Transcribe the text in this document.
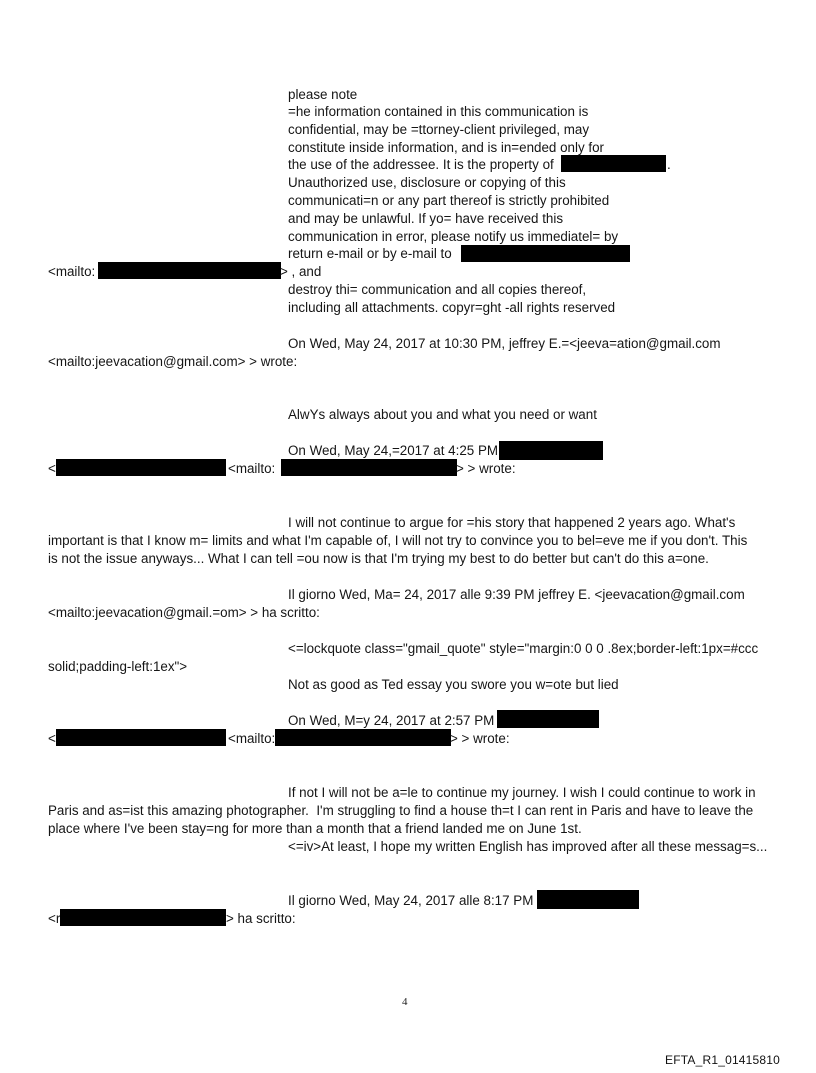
please note
=he information contained in this communication is
confidential, may be =ttorney-client privileged, may
constitute inside information, and is in=ended only for
the use of the addressee. It is the property of	.
Unauthorized use, disclosure or copying of this
communicati=n or any part thereof is strictly prohibited
and may be unlawful. If yo= have received this
communication in error, please notify us immediatel= by
return e-mail or by e-mail to
<mailto:	> , and
destroy thi= communication and all copies thereof,
including all attachments. copyr=ght -all rights reserved
On Wed, May 24, 2017 at 10:30 PM, jeffrey E.=<jeeva=ation@gmail.com
<mailto:jeevacation@gmail.com> > wrote:
AlwYs always about you and what you need or want
On Wed, May 24,=2017 at 4:25 PM
<	<mailto:	> > wrote:
I will not continue to argue for =his story that happened 2 years ago. What's
important is that I know m= limits and what I'm capable of, I will not try to convince you to bel=eve me if you don't. This
is not the issue anyways... What I can tell =ou now is that I'm trying my best to do better but can't do this a=one.
Il giorno Wed, Ma= 24, 2017 alle 9:39 PM jeffrey E. <jeevacation@gmail.com
<mailto:jeevacation@gmail.=om> > ha scritto:
<=lockquote class="gmail_quote" style="margin:0 0 0 .8ex;border-left:1px=#ccc
solid;padding-left:1ex">
Not as good as Ted essay you swore you w=ote but lied
On Wed, M=y 24, 2017 at 2:57 PM
<	<mailto:	> > wrote:
If not I will not be a=le to continue my journey. I wish I could continue to work in
Paris and as=ist this amazing photographer.  I'm struggling to find a house th=t I can rent in Paris and have to leave the
place where I've been stay=ng for more than a month that a friend landed me on June 1st.
<=iv>At least, I hope my written English has improved after all these messag=s...
Il giorno Wed, May 24, 2017 alle 8:17 PM
<r	> ha scritto:
4
EFTA_R1_01415810
